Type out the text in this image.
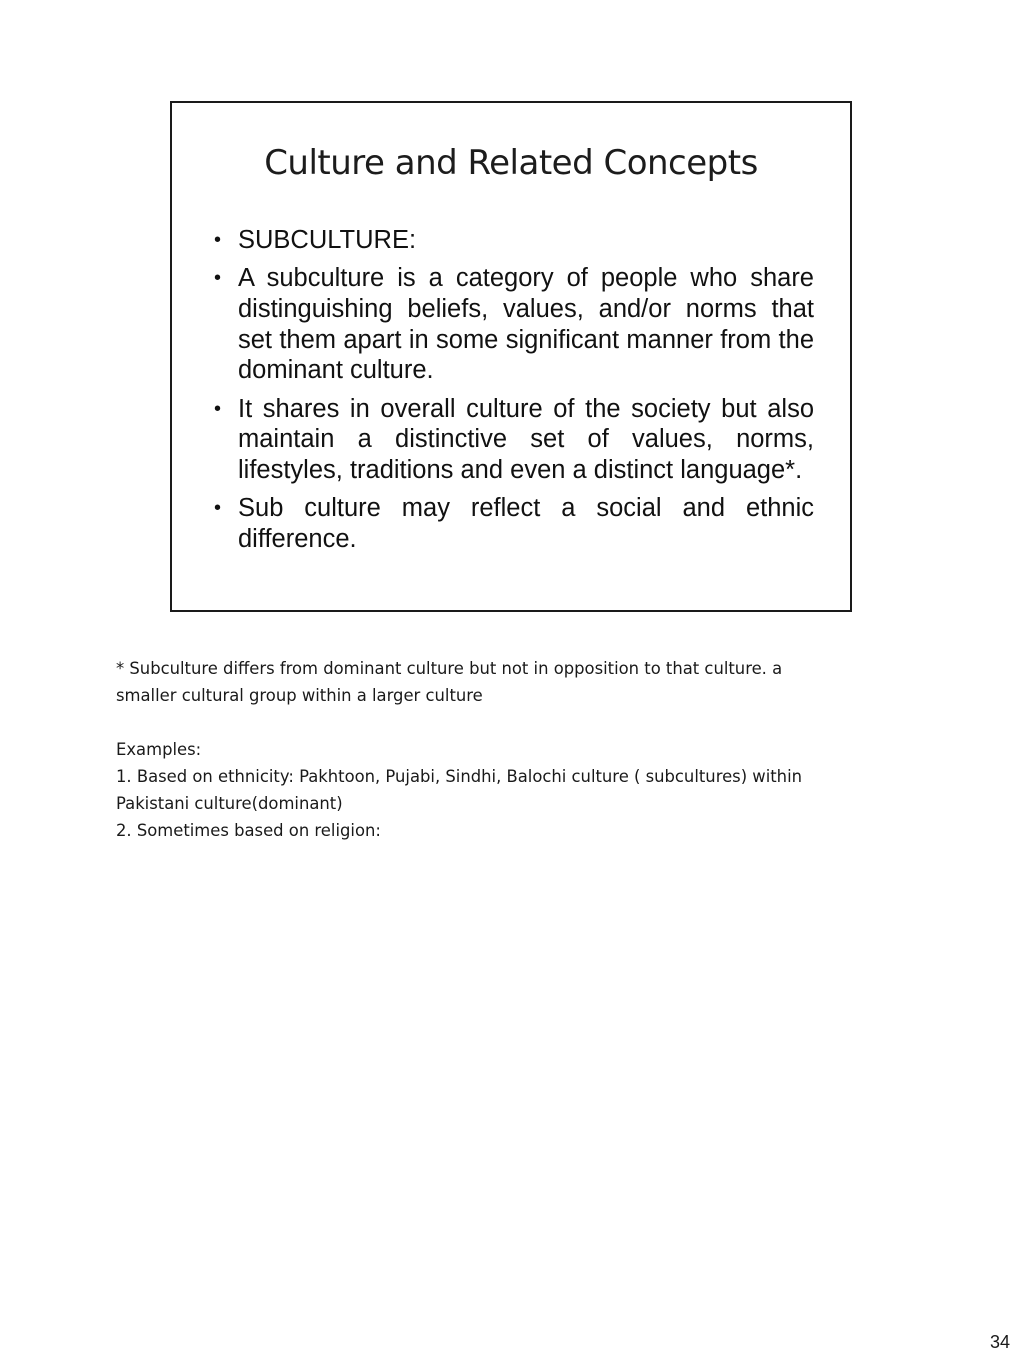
Culture and Related Concepts
• SUBCULTURE:
• A subculture is a category of people who share distinguishing beliefs, values, and/or norms that set them apart in some significant manner from the dominant culture.
• It shares in overall culture of the society but also maintain a distinctive set of values, norms, lifestyles, traditions and even a distinct language*.
• Sub culture may reflect a social and ethnic difference.

* Subculture differs from dominant culture but not in opposition to that culture. a

smaller cultural group within a larger culture

Examples:

1. Based on ethnicity: Pakhtoon, Pujabi, Sindhi, Balochi culture ( subcultures) within

Pakistani culture(dominant)

2. Sometimes based on religion:

34
